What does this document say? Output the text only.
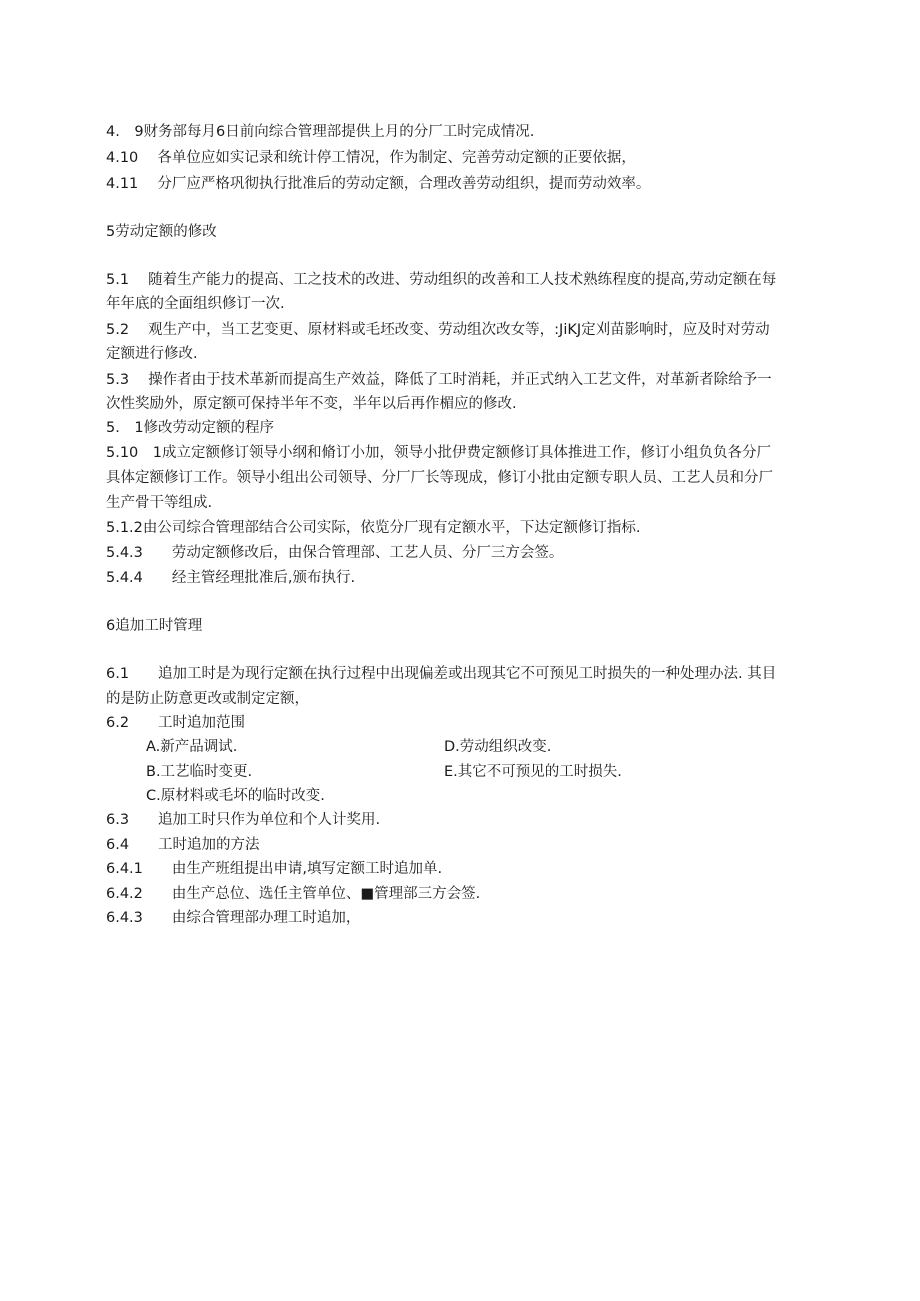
4.　9财务部每月6日前向综合管理部提供上月的分厂工时完成情况.
4.10　 各单位应如实记录和统计停工情况，作为制定、完善劳动定额的正要依据，
4.11　 分厂应严格巩彻执行批准后的劳动定额，合理改善劳动组织，提而劳动效率。
5劳动定额的修改
5.1　 随着生产能力的提高、工之技术的改进、劳动组织的改善和工人技术熟练程度的提高,劳动定额在每
年年底的全面组织修订一次.
5.2　 观生产中，当工艺变更、原材料或毛坯改变、劳动组次改女等，:JiKJ定刈苗影响时，应及时对劳动
定额进行修改.
5.3　 操作者由于技术革新而提高生产效益，降低了工时消耗，并正式纳入工艺文件，对革新者除给予一
次性奖励外，原定额可保持半年不变，半年以后再作楣应的修改.
5.　1修改劳动定额的程序
5.10　1成立定额修订领导小纲和脩订小加，领导小批伊费定额修订具体推进工作，修订小组负负各分厂
具体定额修订工作。领导小组出公司领导、分厂厂长等现成，修订小批由定额专职人员、工艺人员和分厂
生产骨干等组成.
5.1.2由公司综合管理部结合公司实际，依览分厂现有定额水平，下达定额修订指标.
5.4.3　　劳动定额修改后，由保合管理部、工艺人员、分厂三方会签。
5.4.4　　经主管经理批准后,颁布执行.
6追加工时管理
6.1　　追加工时是为现行定额在执行过程中出现偏差或出现其它不可预见工时损失的一种处理办法. 其目
的是防止防意更改或制定定额，
6.2　　工时追加范围
A.新产品调试.	D.劳动组织改变.
B.工艺临时变更.	E.其它不可预见的工时损失.
C.原材料或毛坏的临时改变.
6.3　　追加工时只作为单位和个人计奖用.
6.4　　工时追加的方法
6.4.1　　由生产班组提出申请,填写定额工时追加单.
6.4.2　　由生产总位、选任主管单位、■管理部三方会签.
6.4.3　　由综合管理部办理工时追加，
